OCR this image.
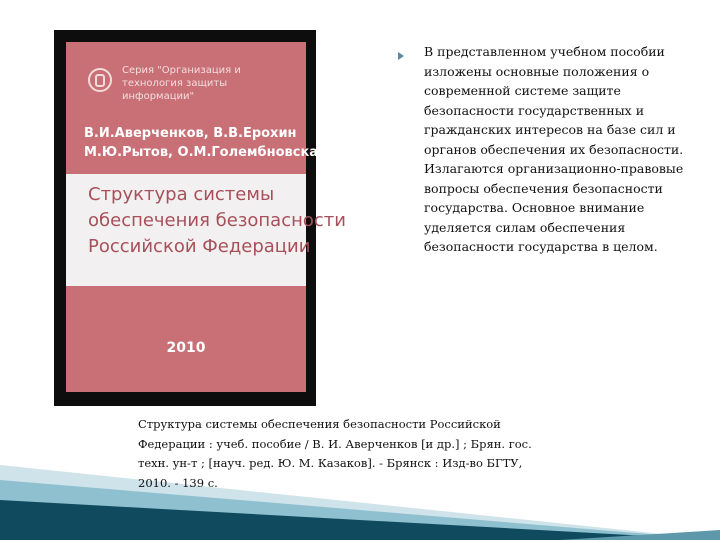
Серия "Организация и технология защиты информации"
В.И.Аверченков, В.В.Ерохин
М.Ю.Рытов, О.М.Голембновская
Структура системы
обеспечения безопасности
Российской Федерации
2010
В представленном учебном пособии изложены основные положения о современной системе защите безопасности государственных и гражданских интересов на базе сил и органов обеспечения их безопасности. Излагаются организационно-правовые вопросы обеспечения безопасности государства. Основное внимание уделяется силам обеспечения безопасности государства в целом.
Структура системы обеспечения безопасности Российской Федерации : учеб. пособие / В. И. Аверченков [и др.] ; Брян. гос. техн. ун-т ; [науч. ред. Ю. М. Казаков]. - Брянск : Изд-во БГТУ, 2010. - 139 с.
